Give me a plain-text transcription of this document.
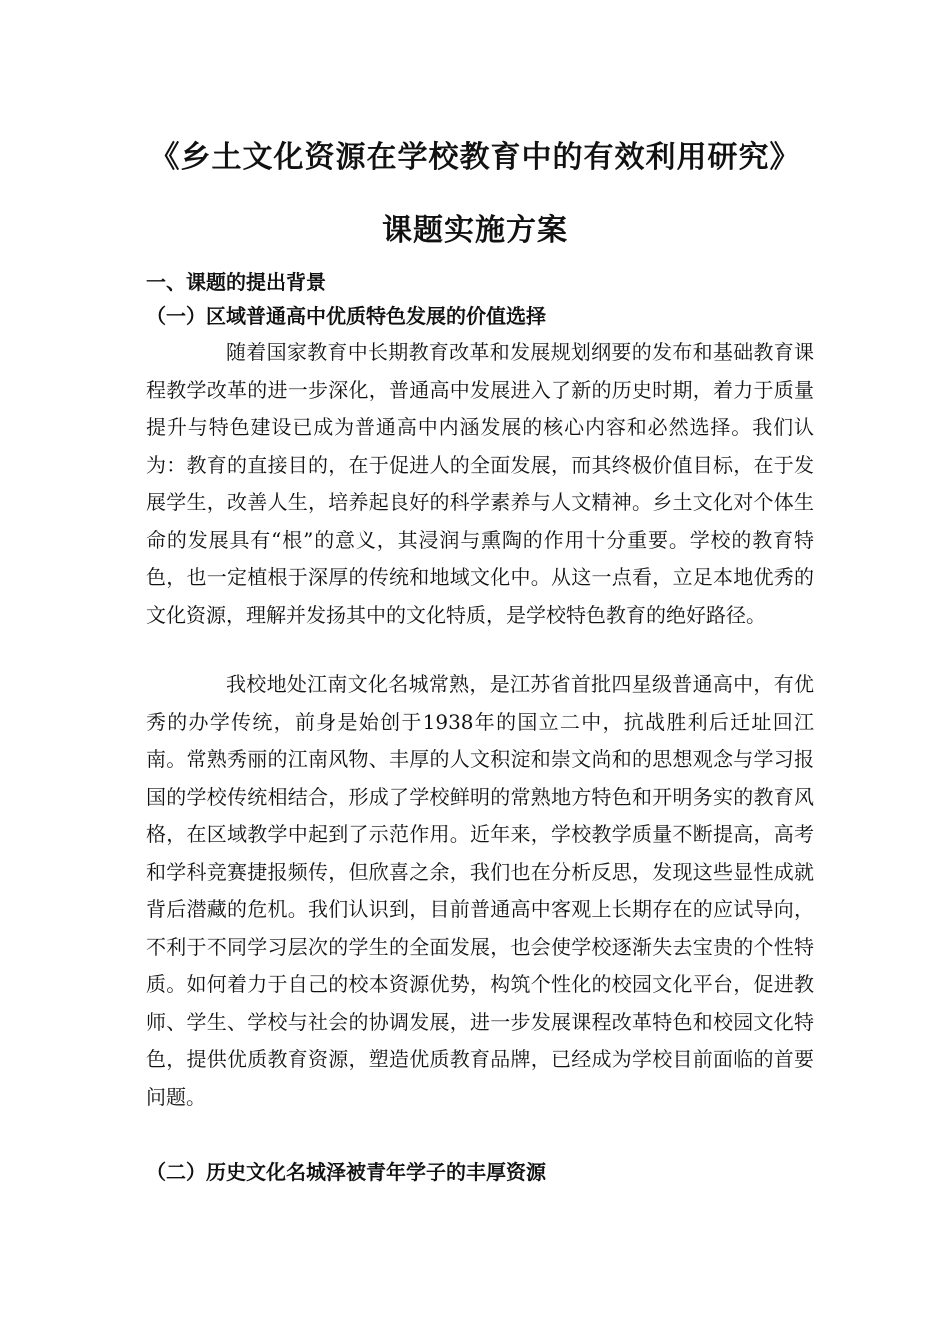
《乡土文化资源在学校教育中的有效利用研究》
课题实施方案
一、课题的提出背景
（一）区域普通高中优质特色发展的价值选择
随着国家教育中长期教育改革和发展规划纲要的发布和基础教育课程教学改革的进一步深化，普通高中发展进入了新的历史时期，着力于质量提升与特色建设已成为普通高中内涵发展的核心内容和必然选择。我们认为：教育的直接目的，在于促进人的全面发展，而其终极价值目标，在于发展学生，改善人生，培养起良好的科学素养与人文精神。乡土文化对个体生命的发展具有“根”的意义，其浸润与熏陶的作用十分重要。学校的教育特色，也一定植根于深厚的传统和地域文化中。从这一点看，立足本地优秀的文化资源，理解并发扬其中的文化特质，是学校特色教育的绝好路径。
我校地处江南文化名城常熟，是江苏省首批四星级普通高中，有优秀的办学传统，前身是始创于1938年的国立二中，抗战胜利后迁址回江南。常熟秀丽的江南风物、丰厚的人文积淀和崇文尚和的思想观念与学习报国的学校传统相结合，形成了学校鲜明的常熟地方特色和开明务实的教育风格，在区域教学中起到了示范作用。近年来，学校教学质量不断提高，高考和学科竞赛捷报频传，但欣喜之余，我们也在分析反思，发现这些显性成就背后潜藏的危机。我们认识到，目前普通高中客观上长期存在的应试导向，不利于不同学习层次的学生的全面发展，也会使学校逐渐失去宝贵的个性特质。如何着力于自己的校本资源优势，构筑个性化的校园文化平台，促进教师、学生、学校与社会的协调发展，进一步发展课程改革特色和校园文化特色，提供优质教育资源，塑造优质教育品牌，已经成为学校目前面临的首要问题。
（二）历史文化名城泽被青年学子的丰厚资源
